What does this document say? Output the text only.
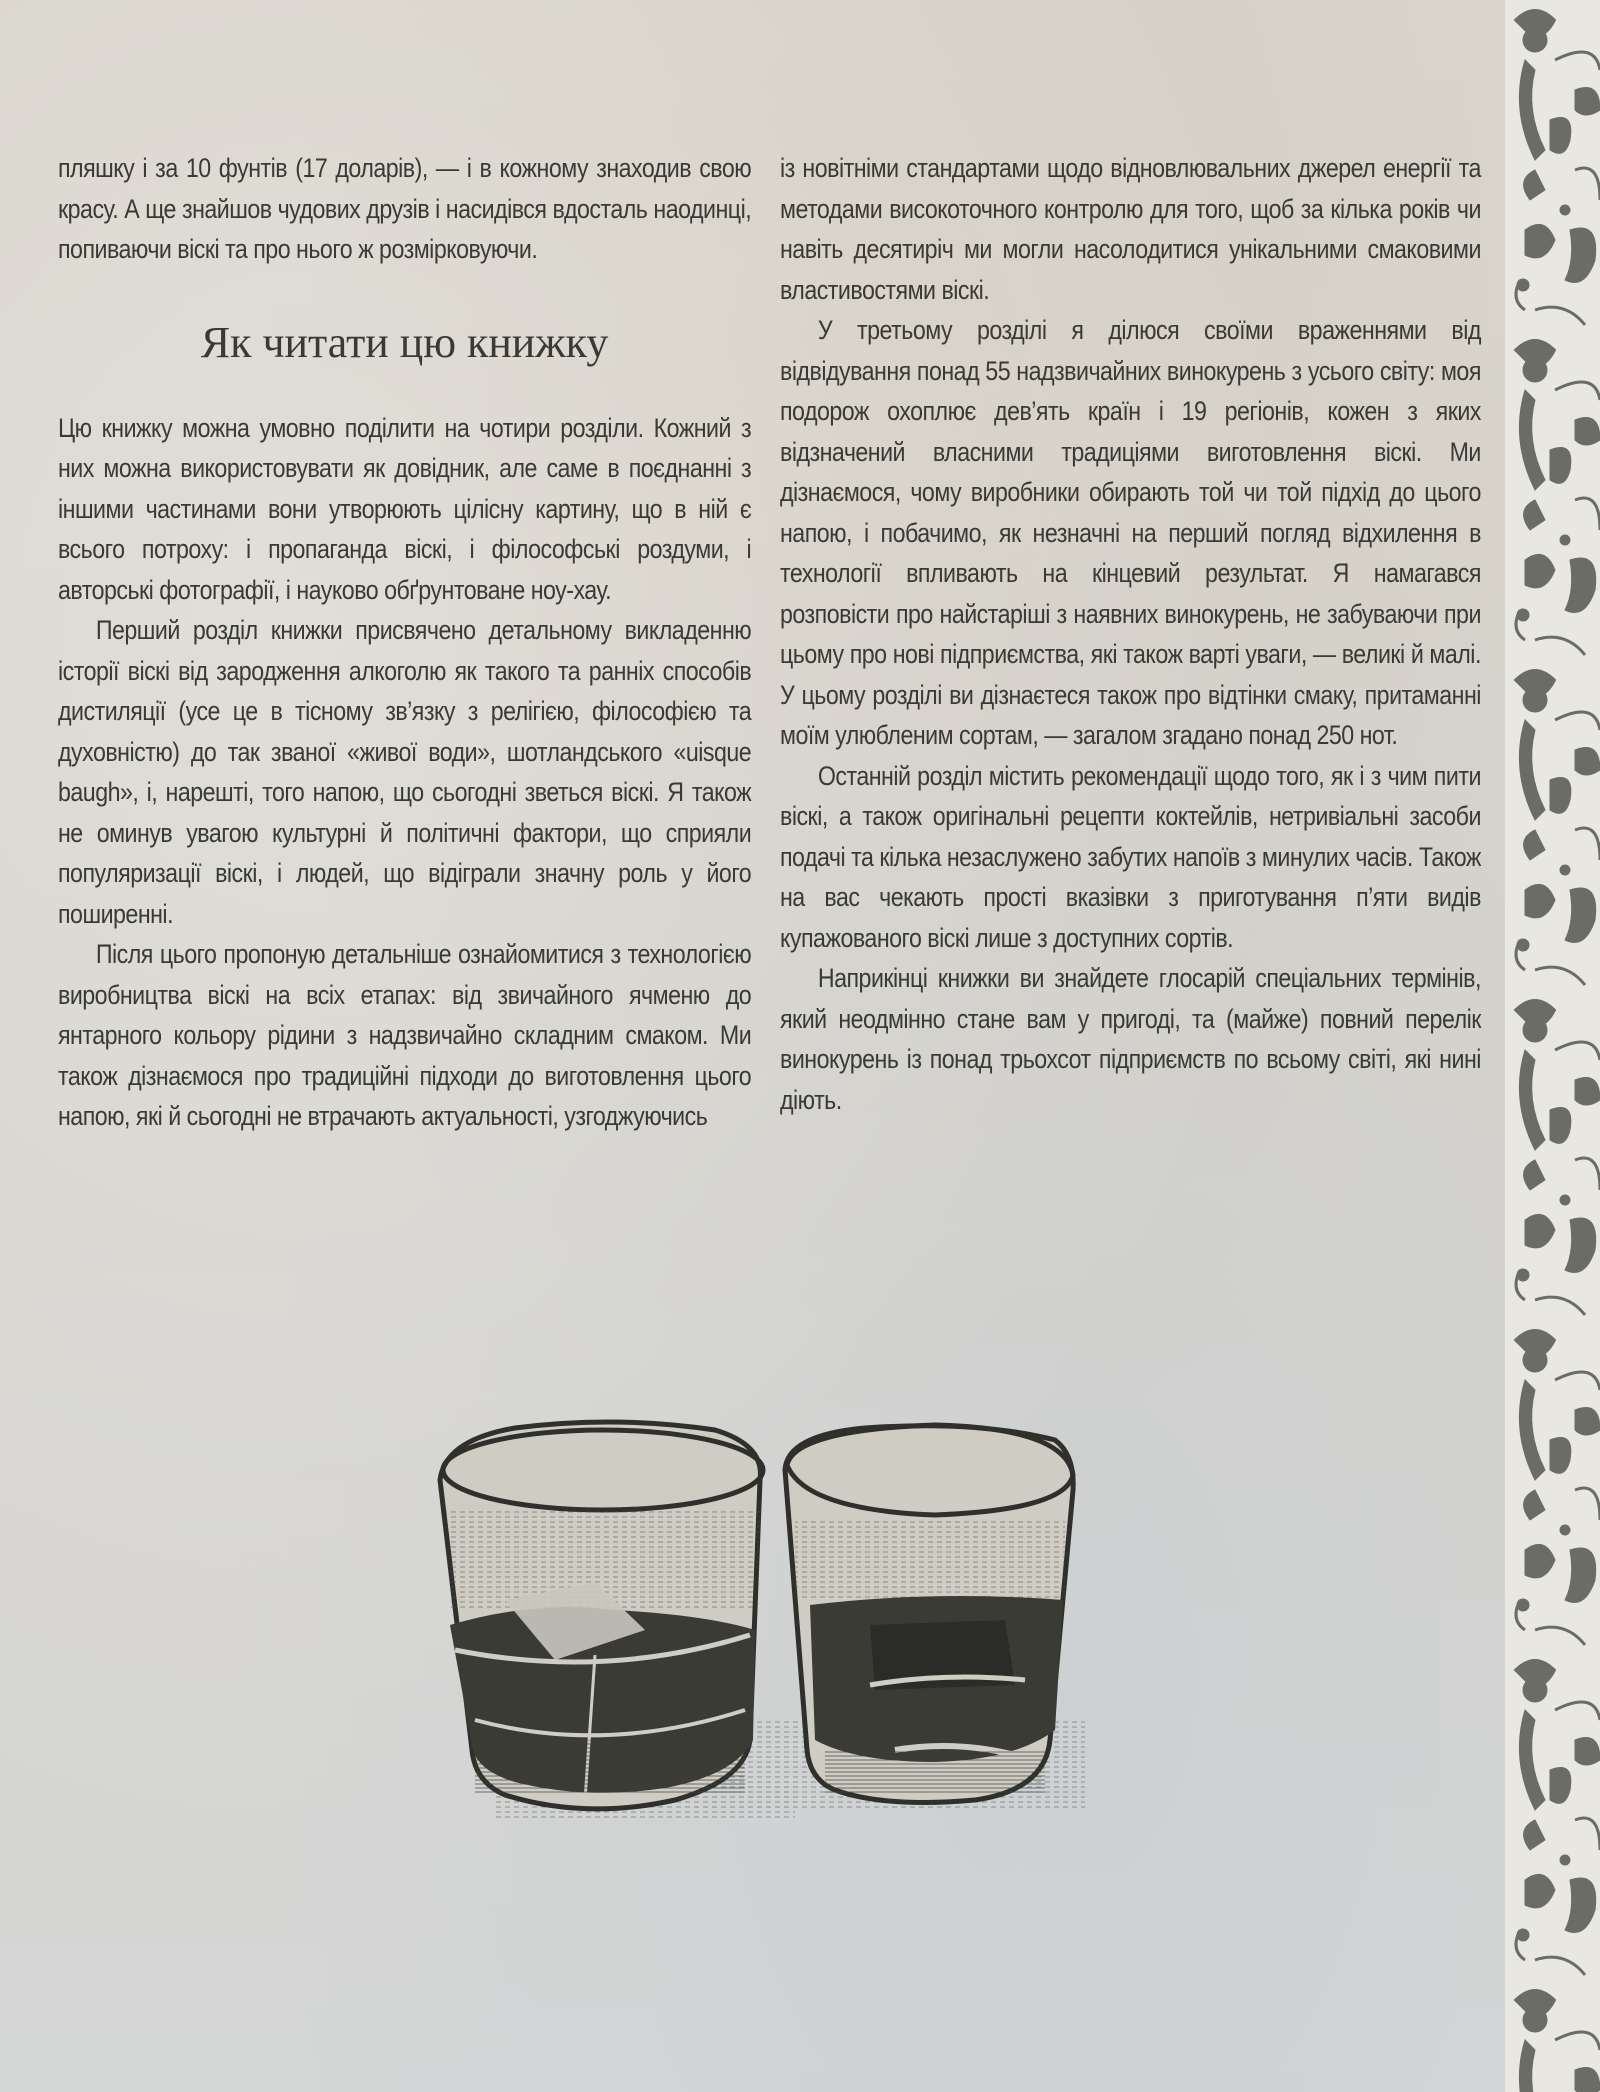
пляшку і за 10 фунтів (17 доларів), — і в кожному знаходив свою красу. А ще знайшов чудових друзів і насидівся вдосталь наодинці, попиваючи віскі та про нього ж розмірковуючи.

Як читати цю книжку

Цю книжку можна умовно поділити на чотири розділи. Кожний з них можна використовувати як довідник, але саме в поєднанні з іншими частинами вони утворюють цілісну картину, що в ній є всього потроху: і пропаганда віскі, і філософські роздуми, і авторські фотографії, і науково обґрунтоване ноу-хау.

Перший розділ книжки присвячено детальному викладенню історії віскі від зародження алкоголю як такого та ранніх способів дистиляції (усе це в тісному зв’язку з релігією, філософією та духовністю) до так званої «живої води», шотландського «uisque baugh», і, нарешті, того напою, що сьогодні зветься віскі. Я також не оминув увагою культурні й політичні фактори, що сприяли популяризації віскі, і людей, що відіграли значну роль у його поширенні.

Після цього пропоную детальніше ознайомитися з технологією виробництва віскі на всіх етапах: від звичайного ячменю до янтарного кольору рідини з надзвичайно складним смаком. Ми також дізнаємося про традиційні підходи до виготовлення цього напою, які й сьогодні не втрачають актуальності, узгоджуючись

із новітніми стандартами щодо відновлювальних джерел енергії та методами високоточного контролю для того, щоб за кілька років чи навіть десятиріч ми могли насолодитися унікальними смаковими властивостями віскі.

У третьому розділі я ділюся своїми враженнями від відвідування понад 55 надзвичайних винокурень з усього світу: моя подорож охоплює дев’ять країн і 19 регіонів, кожен з яких відзначений власними традиціями виготовлення віскі. Ми дізнаємося, чому виробники обирають той чи той підхід до цього напою, і побачимо, як незначні на перший погляд відхилення в технології впливають на кінцевий результат. Я намагався розповісти про найстаріші з наявних винокурень, не забуваючи при цьому про нові підприємства, які також варті уваги, — великі й малі. У цьому розділі ви дізнаєтеся також про відтінки смаку, притаманні моїм улюбленим сортам, — загалом згадано понад 250 нот.

Останній розділ містить рекомендації щодо того, як і з чим пити віскі, а також оригінальні рецепти коктейлів, нетривіальні засоби подачі та кілька незаслужено забутих напоїв з минулих часів. Також на вас чекають прості вказівки з приготування п’яти видів купажованого віскі лише з доступних сортів.

Наприкінці книжки ви знайдете глосарій спеціальних термінів, який неодмінно стане вам у пригоді, та (майже) повний перелік винокурень із понад трьохсот підприємств по всьому світі, які нині діють.
